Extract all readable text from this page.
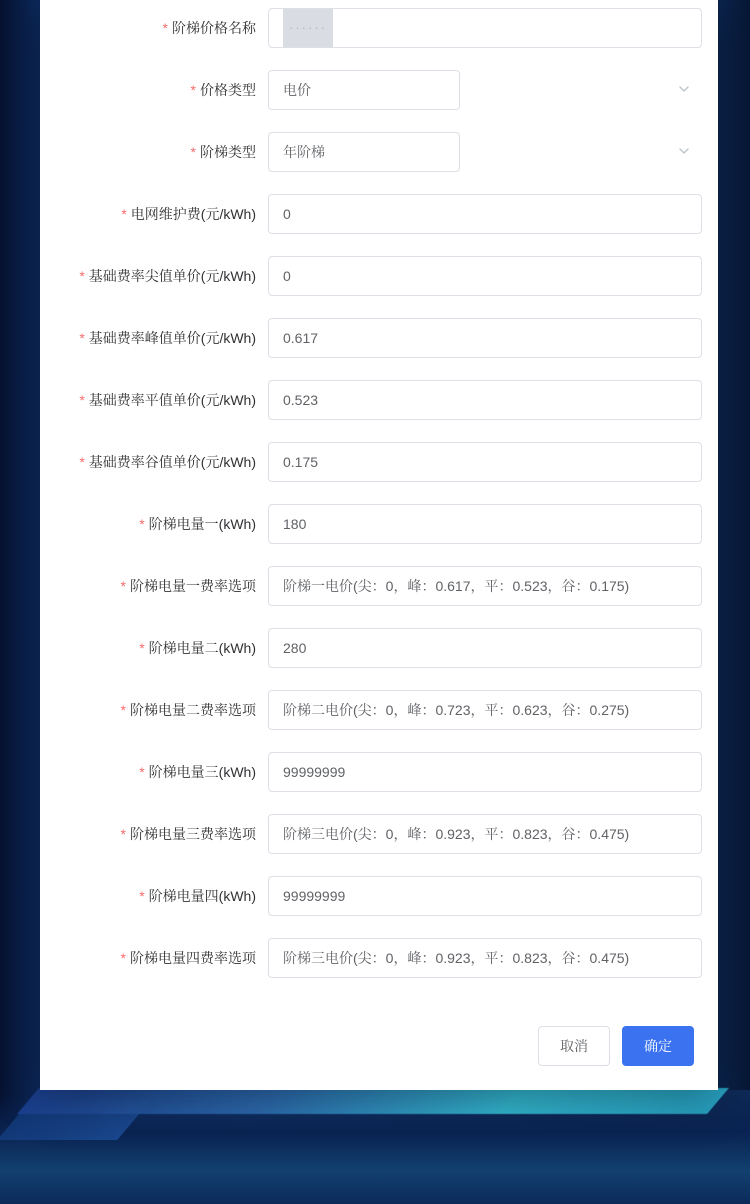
* 阶梯价格名称	······
* 价格类型	电价
* 阶梯类型	年阶梯
* 电网维护费(元/kWh)	0
* 基础费率尖值单价(元/kWh)	0
* 基础费率峰值单价(元/kWh)	0.617
* 基础费率平值单价(元/kWh)	0.523
* 基础费率谷值单价(元/kWh)	0.175
* 阶梯电量一(kWh)	180
* 阶梯电量一费率选项	阶梯一电价(尖：0，峰：0.617，平：0.523，谷：0.175)
* 阶梯电量二(kWh)	280
* 阶梯电量二费率选项	阶梯二电价(尖：0，峰：0.723，平：0.623，谷：0.275)
* 阶梯电量三(kWh)	99999999
* 阶梯电量三费率选项	阶梯三电价(尖：0，峰：0.923，平：0.823，谷：0.475)
* 阶梯电量四(kWh)	99999999
* 阶梯电量四费率选项	阶梯三电价(尖：0，峰：0.923，平：0.823，谷：0.475)
取消	确定
